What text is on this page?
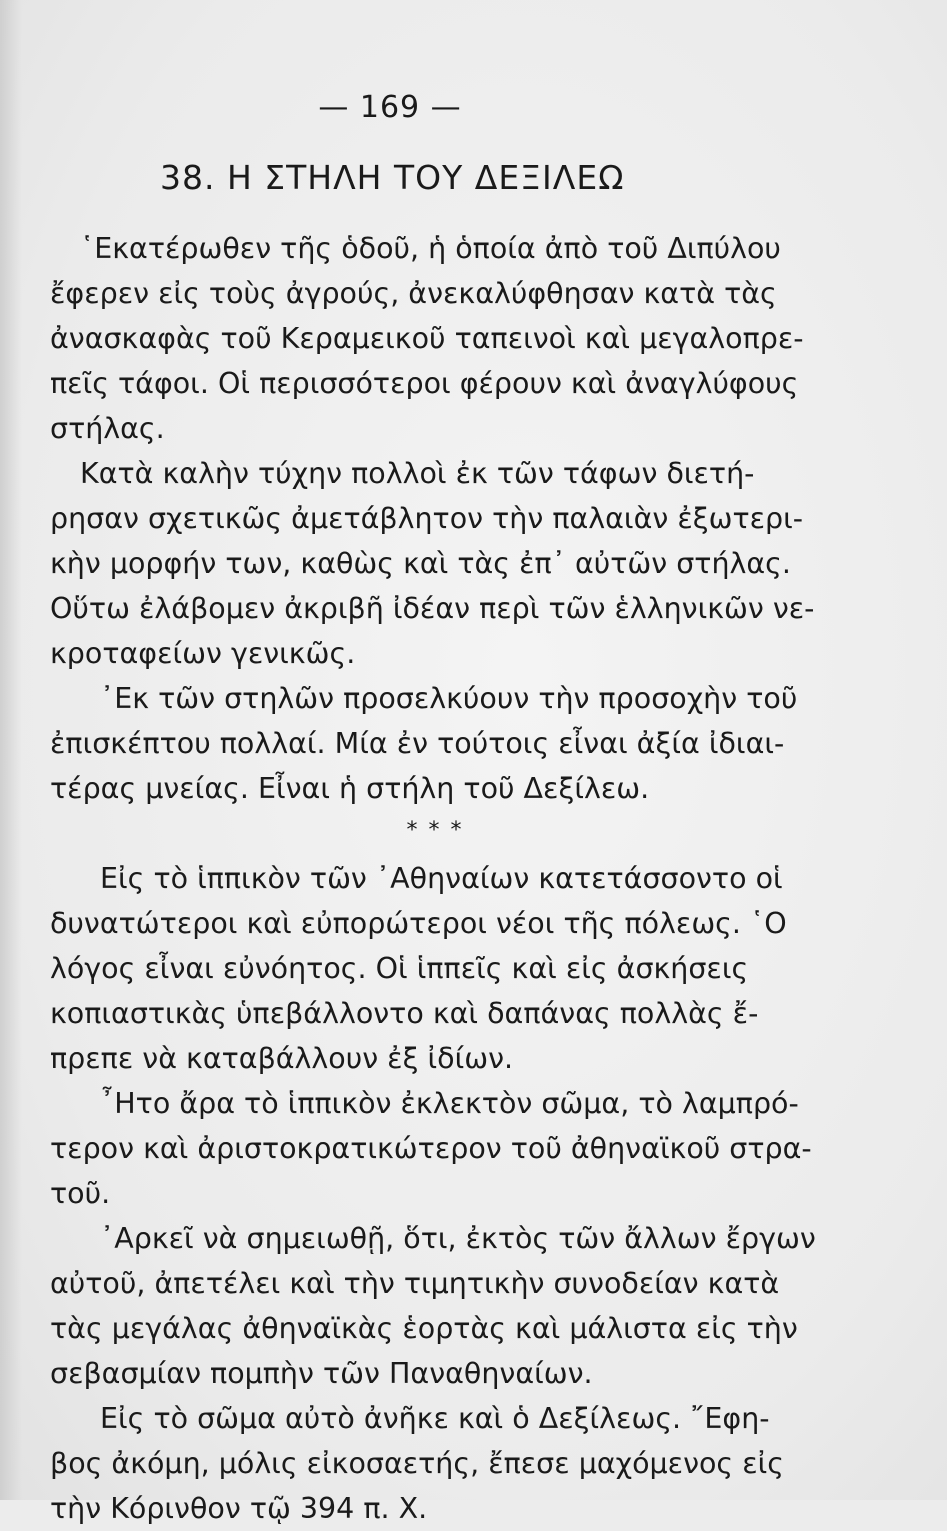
— 169 —
38. Η ΣΤΗΛΗ ΤΟΥ ΔΕΞΙΛΕΩ
῾Εκατέρωθεν τῆς ὁδοῦ, ἡ ὁποία ἀπὸ τοῦ Διπύλου
ἔφερεν εἰς τοὺς ἀγρούς, ἀνεκαλύφθησαν κατὰ τὰς
ἀνασκαφὰς τοῦ Κεραμεικοῦ ταπεινοὶ καὶ μεγαλοπρε-
πεῖς τάφοι. Οἱ περισσότεροι φέρουν καὶ ἀναγλύφους
στήλας.
Κατὰ καλὴν τύχην πολλοὶ ἐκ τῶν τάφων διετή-
ρησαν σχετικῶς ἀμετάβλητον τὴν παλαιὰν ἐξωτερι-
κὴν μορφήν των, καθὼς καὶ τὰς ἐπ᾿ αὐτῶν στήλας.
Οὕτω ἐλάβομεν ἀκριβῆ ἰδέαν περὶ τῶν ἑλληνικῶν νε-
κροταφείων γενικῶς.
᾿Εκ τῶν στηλῶν προσελκύουν τὴν προσοχὴν τοῦ
ἐπισκέπτου πολλαί. Μία ἐν τούτοις εἶναι ἀξία ἰδιαι-
τέρας μνείας. Εἶναι ἡ στήλη τοῦ Δεξίλεω.
* * *
Εἰς τὸ ἱππικὸν τῶν ᾿Αθηναίων κατετάσσοντο οἱ
δυνατώτεροι καὶ εὐπορώτεροι νέοι τῆς πόλεως. ῾Ο
λόγος εἶναι εὐνόητος. Οἱ ἱππεῖς καὶ εἰς ἀσκήσεις
κοπιαστικὰς ὑπεβάλλοντο καὶ δαπάνας πολλὰς ἔ-
πρεπε νὰ καταβάλλουν ἐξ ἰδίων.
῏Ητο ἄρα τὸ ἱππικὸν ἐκλεκτὸν σῶμα, τὸ λαμπρό-
τερον καὶ ἀριστοκρατικώτερον τοῦ ἀθηναϊκοῦ στρα-
τοῦ.
᾿Αρκεῖ νὰ σημειωθῇ, ὅτι, ἐκτὸς τῶν ἄλλων ἔργων
αὐτοῦ, ἀπετέλει καὶ τὴν τιμητικὴν συνοδείαν κατὰ
τὰς μεγάλας ἀθηναϊκὰς ἑορτὰς καὶ μάλιστα εἰς τὴν
σεβασμίαν πομπὴν τῶν Παναθηναίων.
Εἰς τὸ σῶμα αὐτὸ ἀνῆκε καὶ ὁ Δεξίλεως. ῎Εφη-
βος ἀκόμη, μόλις εἰκοσαετής, ἔπεσε μαχόμενος εἰς
τὴν Κόρινθον τῷ 394 π. Χ.
